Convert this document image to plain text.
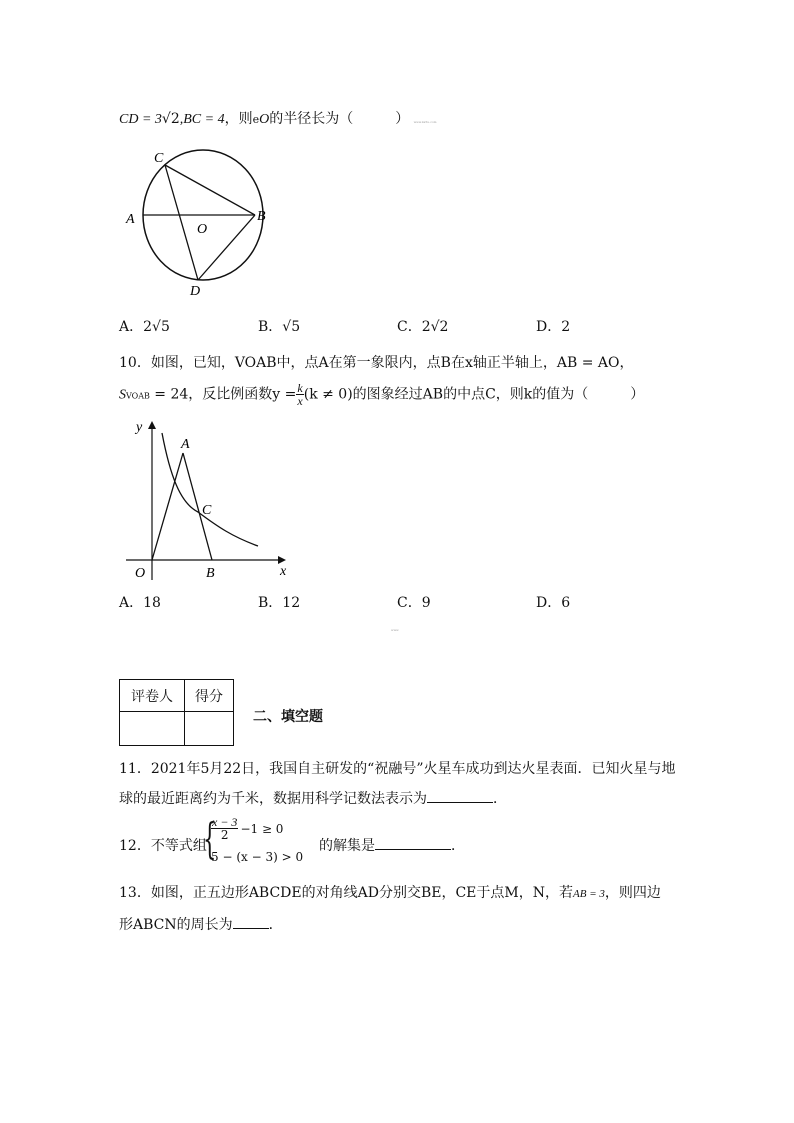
CD = 3√2,BC = 4，则eO的半径长为（　　　） www.ks5u.com
C
A
O
B
D
A．2√5	B．√5	C．2√2	D．2
10．如图，已知，VOAB中，点A在第一象限内，点B在x轴正半轴上，AB = AO，
SVOAB = 24，反比例函数$y = \frac{k}{x} (k \ne 0)$的图象经过AB的中点C，则k的值为（　　　）
y
A
C
O	B	x
A．18	B．12	C．9	D．6
www
评卷人	得分

二、填空题
11．2021年5月22日，我国自主研发的“祝融号”火星车成功到达火星表面．已知火星与地
球的最近距离约为千米，数据用科学记数法表示为	．
12．不等式组
{
$\frac{x - 3}{2} -1 \ge 0$
5 − (x − 3) > 0
的解集是	．
13．如图，正五边形ABCDE的对角线AD分别交BE，CE于点M，N，若AB = 3，则四边
形ABCN的周长为	．
